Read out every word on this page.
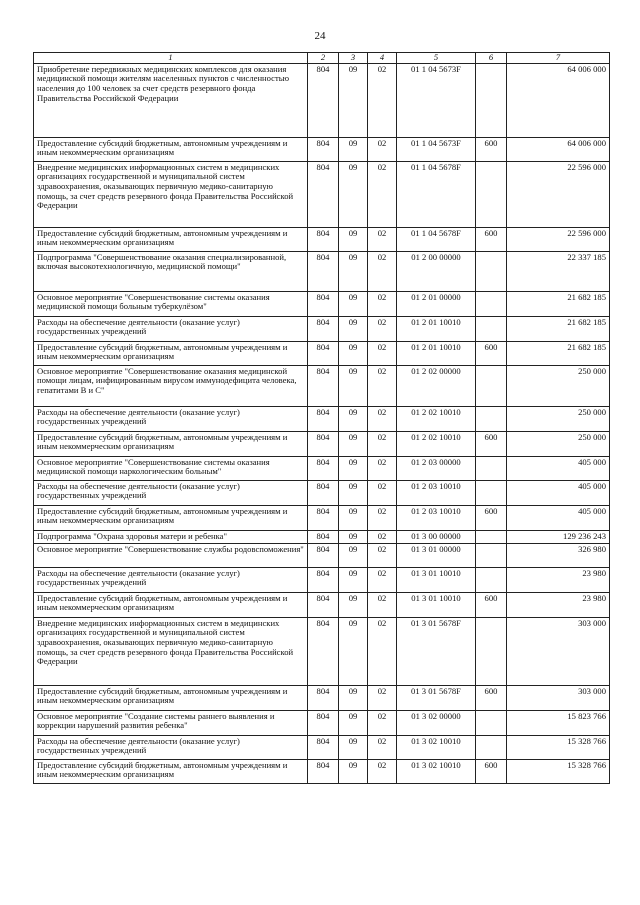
24
1	2	3	4	5	6	7
Приобретение передвижных медицинских комплексов для оказания медицинской помощи жителям населенных пунктов с численностью населения до 100 человек за счет средств резервного фонда Правительства Российской Федерации	804	09	02	01 1 04 5673F		64 006 000
Предоставление субсидий бюджетным, автономным учреждениям и иным некоммерческим организациям	804	09	02	01 1 04 5673F	600	64 006 000
Внедрение медицинских информационных систем в медицинских организациях государственной и муниципальной систем здравоохранения, оказывающих первичную медико-санитарную помощь, за счет средств резервного фонда Правительства Российской Федерации	804	09	02	01 1 04 5678F		22 596 000
Предоставление субсидий бюджетным, автономным учреждениям и иным некоммерческим организациям	804	09	02	01 1 04 5678F	600	22 596 000
Подпрограмма "Совершенствование оказания специализированной, включая высокотехнологичную, медицинской помощи"	804	09	02	01 2 00 00000		22 337 185
Основное мероприятие "Совершенствование системы оказания медицинской помощи больным туберкулёзом"	804	09	02	01 2 01 00000		21 682 185
Расходы на обеспечение деятельности (оказание услуг) государственных учреждений	804	09	02	01 2 01 10010		21 682 185
Предоставление субсидий бюджетным, автономным учреждениям и иным некоммерческим организациям	804	09	02	01 2 01 10010	600	21 682 185
Основное мероприятие "Совершенствование оказания медицинской помощи лицам, инфицированным вирусом иммунодефицита человека, гепатитами В и С"	804	09	02	01 2 02 00000		250 000
Расходы на обеспечение деятельности (оказание услуг) государственных учреждений	804	09	02	01 2 02 10010		250 000
Предоставление субсидий бюджетным, автономным учреждениям и иным некоммерческим организациям	804	09	02	01 2 02 10010	600	250 000
Основное мероприятие "Совершенствование системы оказания медицинской помощи наркологическим больным"	804	09	02	01 2 03 00000		405 000
Расходы на обеспечение деятельности (оказание услуг) государственных учреждений	804	09	02	01 2 03 10010		405 000
Предоставление субсидий бюджетным, автономным учреждениям и иным некоммерческим организациям	804	09	02	01 2 03 10010	600	405 000
Подпрограмма "Охрана здоровья матери и ребенка"	804	09	02	01 3 00 00000		129 236 243
Основное мероприятие "Совершенствование службы родовспоможения"	804	09	02	01 3 01 00000		326 980
Расходы на обеспечение деятельности (оказание услуг) государственных учреждений	804	09	02	01 3 01 10010		23 980
Предоставление субсидий бюджетным, автономным учреждениям и иным некоммерческим организациям	804	09	02	01 3 01 10010	600	23 980
Внедрение медицинских информационных систем в медицинских организациях государственной и муниципальной систем здравоохранения, оказывающих первичную медико-санитарную помощь, за счет средств резервного фонда Правительства Российской Федерации	804	09	02	01 3 01 5678F		303 000
Предоставление субсидий бюджетным, автономным учреждениям и иным некоммерческим организациям	804	09	02	01 3 01 5678F	600	303 000
Основное мероприятие "Создание системы раннего выявления и коррекции нарушений развития ребенка"	804	09	02	01 3 02 00000		15 823 766
Расходы на обеспечение деятельности (оказание услуг) государственных учреждений	804	09	02	01 3 02 10010		15 328 766
Предоставление субсидий бюджетным, автономным учреждениям и иным некоммерческим организациям	804	09	02	01 3 02 10010	600	15 328 766
